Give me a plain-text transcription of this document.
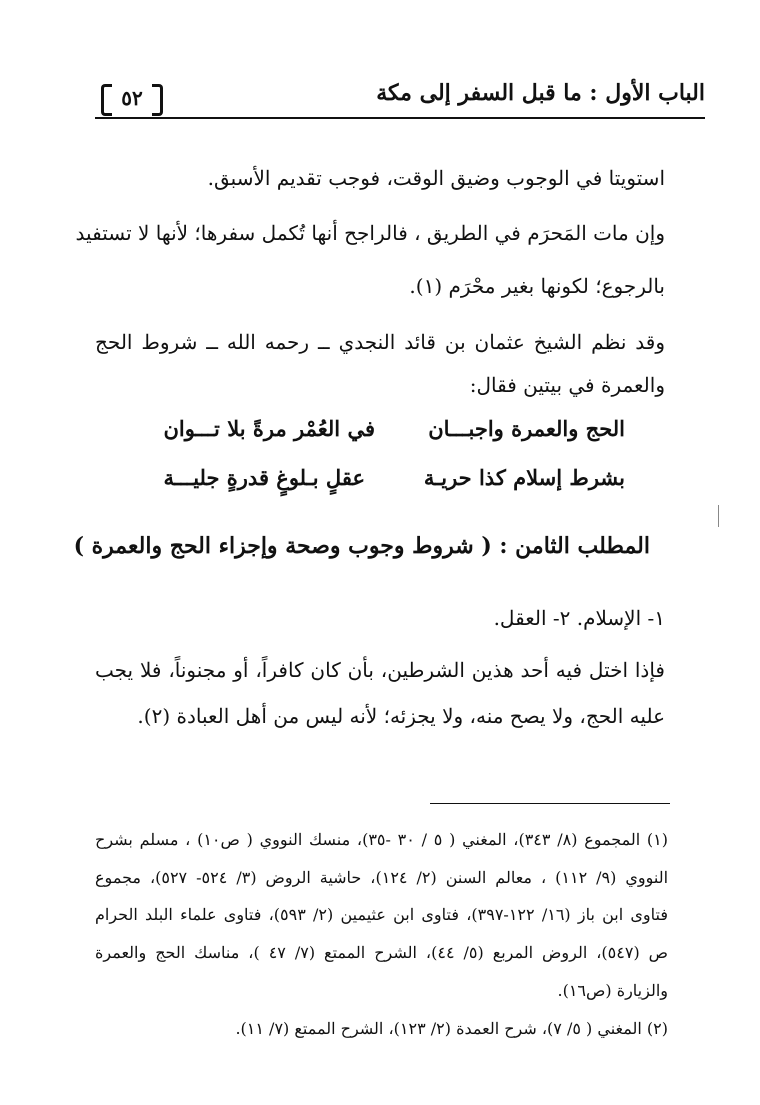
الباب الأول : ما قبل السفر إلى مكة
٥٢
استويتا في الوجوب وضيق الوقت، فوجب تقديم الأسبق.
وإن مات المَحرَم في الطريق ، فالراجح أنها تُكمل سفرها؛ لأنها لا تستفيد
بالرجوع؛ لكونها بغير محْرَم (١).
وقد نظم الشيخ عثمان بن قائد النجدي ــ رحمه الله ــ شروط الحج
والعمرة في بيتين فقال:
الحج والعمرة واجبـــان
في العُمْر مرةً بلا تـــوان
بشرط إسلام كذا حريـة
عقلٍ بـلوغٍ قدرةٍ جليـــة
المطلب الثامن : ( شروط وجوب وصحة وإجزاء الحج والعمرة )
١- الإسلام. ٢- العقل.
فإذا اختل فيه أحد هذين الشرطين، بأن كان كافراً، أو مجنوناً، فلا يجب
عليه الحج، ولا يصح منه، ولا يجزئه؛ لأنه ليس من أهل العبادة (٢).
(١) المجموع (٨/ ٣٤٣)، المغني ( ٥ / ٣٠ -٣٥)، منسك النووي ( ص١٠) ، مسلم بشرح
النووي (٩/ ١١٢) ، معالم السنن (٢/ ١٢٤)، حاشية الروض (٣/ ٥٢٤- ٥٢٧)، مجموع
فتاوى ابن باز (١٦/ ١٢٢-٣٩٧)، فتاوى ابن عثيمين (٢/ ٥٩٣)، فتاوى علماء البلد الحرام
ص (٥٤٧)، الروض المربع (٥/ ٤٤)، الشرح الممتع (٧/ ٤٧ )، مناسك الحج والعمرة
والزيارة (ص١٦).
(٢) المغني ( ٥/ ٧)، شرح العمدة (٢/ ١٢٣)، الشرح الممتع (٧/ ١١).
